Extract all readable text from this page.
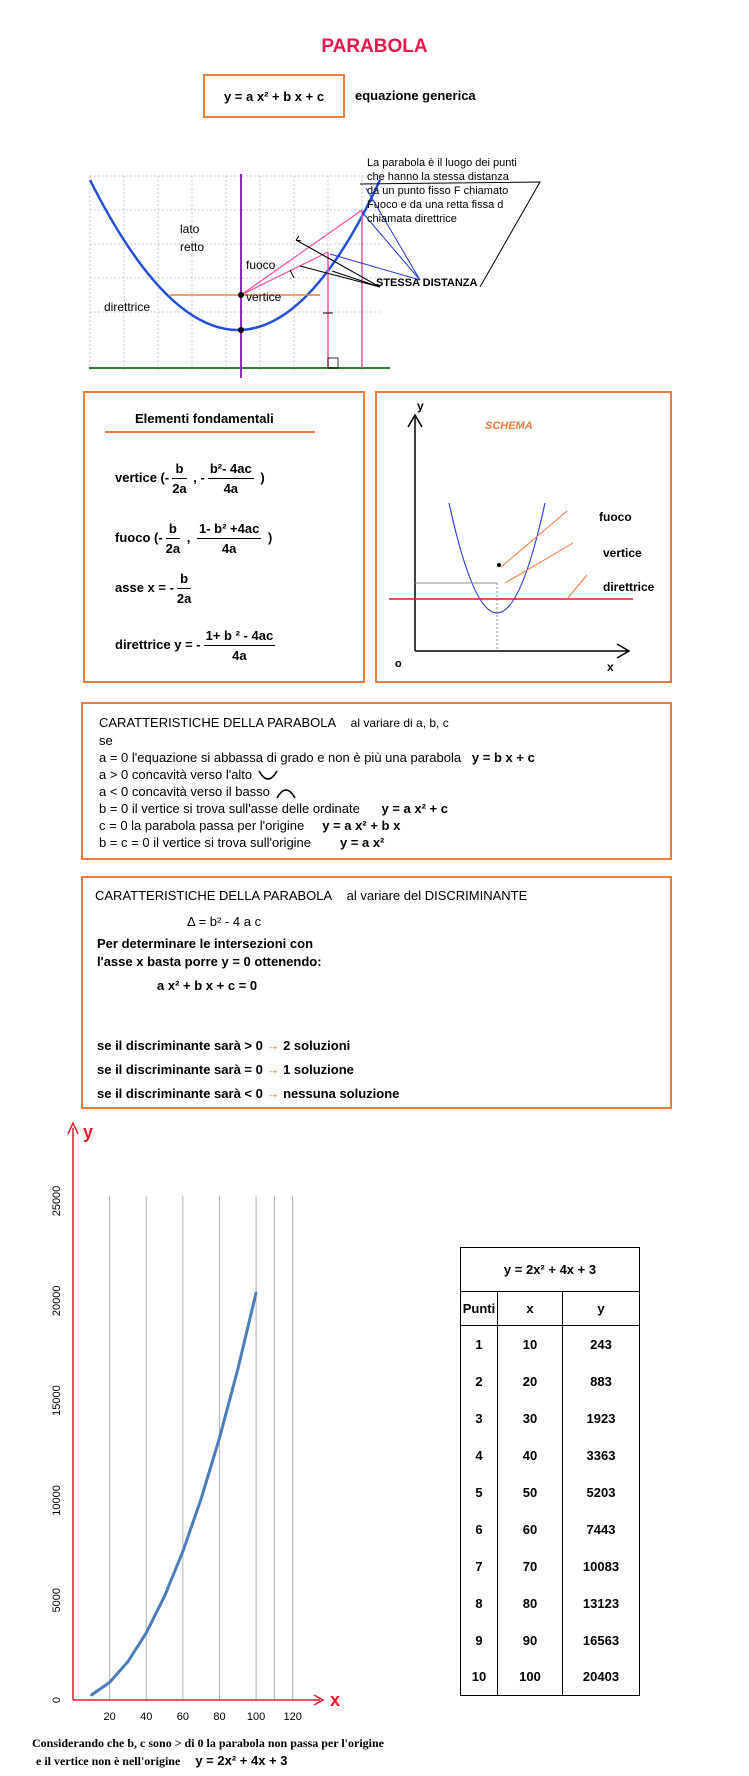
PARABOLA
y = a x² + b x + c equazione generica
lato
retto
fuoco
vertice
direttrice
STESSA DISTANZA
La parabola è il luogo dei punti
che hanno la stessa distanza
da un punto fisso F chiamato
Fuoco e da una retta fissa d
chiamata direttrice
Elementi fondamentali
vertice (- $\frac{b}{2a}$ , - $\frac{\text{b²- 4ac}}{4a}$ )
fuoco (- $\frac{b}{2a}$ , $\frac{\text{1- b² +4ac}}{4a}$ )
asse x = - $\frac{b}{2a}$
direttrice y = - $\frac{\text{1+ b ² - 4ac}}{4a}$
y
x
o
SCHEMA
fuoco
vertice
direttrice
CARATTERISTICHE DELLA PARABOLA al variare di a, b, c
se
a = 0 l'equazione si abbassa di grado e non è più una parabola y = b x + c
a > 0 concavità verso l'alto
a < 0 concavità verso il basso
b = 0 il vertice si trova sull'asse delle ordinate y = a x² + c
c = 0 la parabola passa per l'origine y = a x² + b x
b = c = 0 il vertice si trova sull'origine y = a x²
CARATTERISTICHE DELLA PARABOLA al variare del DISCRIMINANTE
Δ = b² - 4 a c
Per determinare le intersezioni con
l'asse x basta porre y = 0 ottenendo:
a x² + b x + c = 0
se il discriminante sarà > 0 → 2 soluzioni
se il discriminante sarà = 0 → 1 soluzione
se il discriminante sarà < 0 → nessuna soluzione
y
x
0
5000
10000
15000
20000
25000
20 40 60 80 100 120
y = 2x² + 4x + 3		
Punti	x	y
1	10	243
2	20	883
3	30	1923
4	40	3363
5	50	5203
6	60	7443
7	70	10083
8	80	13123
9	90	16563
10	100	20403
Considerando che b, c sono > di 0 la parabola non passa per l'origine
e il vertice non è nell'origine y = 2x² + 4x + 3
